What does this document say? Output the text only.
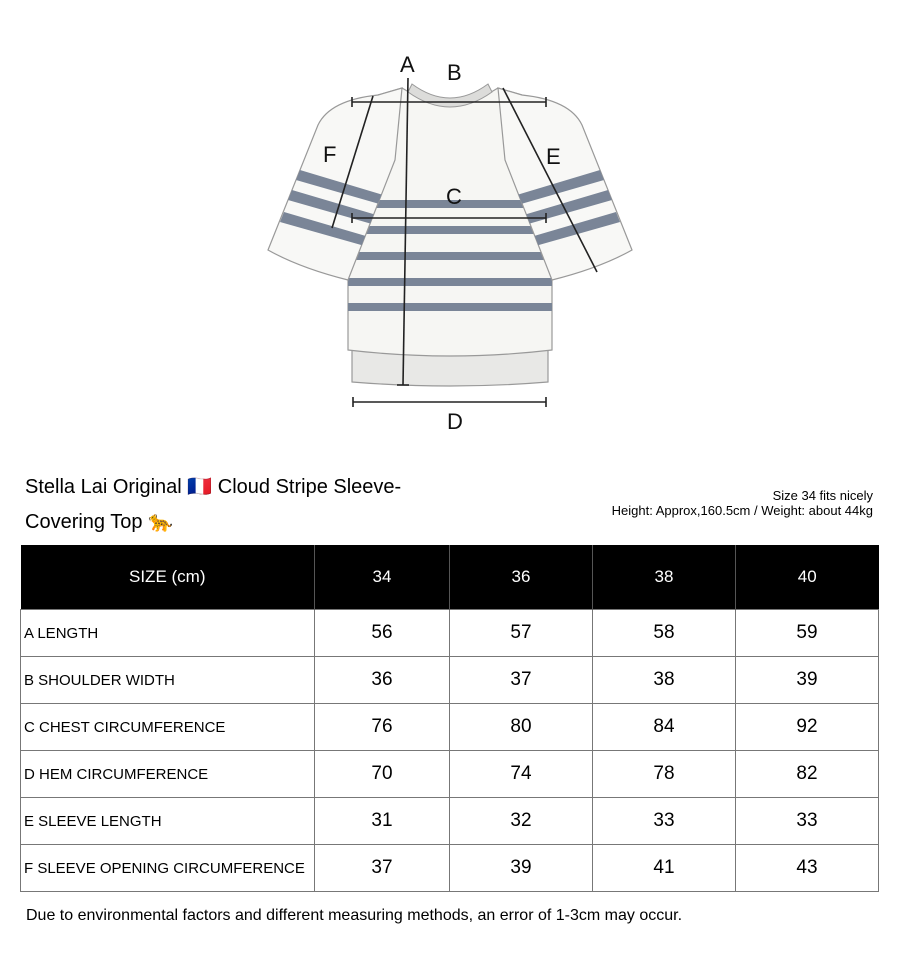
A B
C
D
E
F
Stella Lai Original 🇫🇷 Cloud Stripe Sleeve-
Covering Top 🐆
Size 34 fits nicely
Height: Approx,160.5cm / Weight: about 44kg
SIZE (cm)	34	36	38	40
A LENGTH	56	57	58	59
B SHOULDER WIDTH	36	37	38	39
C CHEST CIRCUMFERENCE	76	80	84	92
D HEM CIRCUMFERENCE	70	74	78	82
E SLEEVE LENGTH	31	32	33	33
F SLEEVE OPENING CIRCUMFERENCE	37	39	41	43
Due to environmental factors and different measuring methods, an error of 1-3cm may occur.
